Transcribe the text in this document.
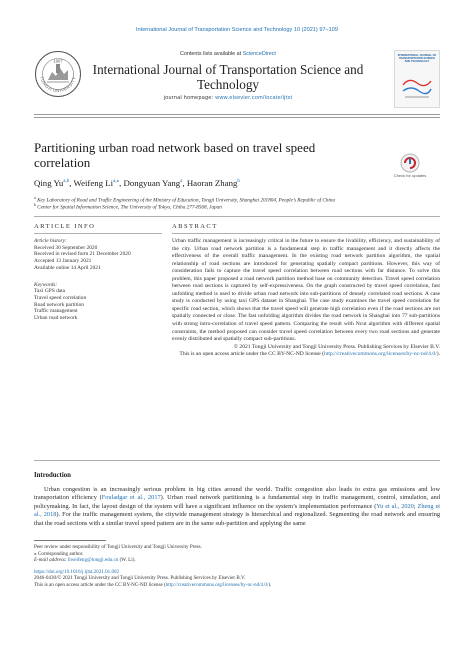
International Journal of Transportation Science and Technology 10 (2021) 97–109
TONGJI UNIVERSITY
1907
Contents lists available at ScienceDirect
International Journal of Transportation Science and Technology
journal homepage: www.elsevier.com/locate/ijtst
INTERNATIONAL JOURNAL OF TRANSPORTATION SCIENCE AND TECHNOLOGY
Partitioning urban road network based on travel speed correlation
Check for updates
Qing Yu$^{a,b}$, Weifeng $Li^{a,⁎}$, Dongyuan Yang$^a$, Haoran Zhang$^b$
$^a$ Key Laboratory of Road and Traffic Engineering of the Ministry of Education, Tongji University, Shanghai 201804, People’s Republic of China
$^b$ Center for Spatial Information Science, The University of Tokyo, Chiba 277-8568, Japan
ARTICLE INFO	ABSTRACT
Article history:
Received 30 September 2020
Received in revised form 21 December 2020
Accepted 13 January 2021
Available online 14 April 2021
Keywords:
Taxi GPS data
Travel speed correlation
Road network partition
Traffic management
Urban road network
Urban traffic management is increasingly critical in the future to ensure the livability, efficiency, and sustainability of the city. Urban road network partition is a fundamental step in traffic management and it directly affects the effectiveness of the overall traffic management. In the existing road network partition algorithm, the spatial relationship of road sections are introduced for generating spatially compact partitions. However, this way of consideration fails to capture the travel speed correlation between road sections with far distance. To solve this problem, this paper proposed a road network partition method base on community detection. Travel speed correlation between road sections is captured by self-expressiveness. On the graph constructed by travel speed correlation, fast unfolding method is used to divide urban road network into sub-partitions of densely correlated road sections. A case study is conducted by using taxi GPS dataset in Shanghai. The case study examines the travel speed correlation for specific road section, which shows that the travel speed will generate high correlation even if the road sections are not spatially connected or close. The fast unfolding algorithm divides the road network in Shanghai into 77 sub-partitions with strong intro-correlation of travel speed pattern. Comparing the result with Ncut algorithm with different spatial constraints, the method proposed can consider travel speed correlation between every two road sections and generate evenly distributed and spatially compact sub-partitions.
© 2021 Tongji University and Tongji University Press. Publishing Services by Elsevier B.V.
This is an open access article under the CC BY-NC-ND license (http://creativecommons.org/licenses/by-nc-nd/4.0/).
Introduction
Urban congestion is an increasingly serious problem in big cities around the world. Traffic congestion also leads to extra gas emissions and low transportation efficiency (Fouladgar et al., 2017). Urban road network partitioning is a fundamental step in traffic management, control, simulation, and policymaking. In fact, the layout design of the system will have a significant influence on the system’s implementation performance (Yu et al., 2020; Zheng et al., 2018). For the traffic management system, the citywide management strategy is hierarchical and regionalized. Segmenting the road network and ensuring that the road sections with a similar travel speed pattern are in the same sub-partition and applying the same
Peer review under responsibility of Tongji University and Tongji University Press.
⁎ Corresponding author.
E-mail address: liweifeng@tongji.edu.cn (W. Li).
https://doi.org/10.1016/j.ijtst.2021.01.002
2046-0430/© 2021 Tongji University and Tongji University Press. Publishing Services by Elsevier B.V.
This is an open access article under the CC BY-NC-ND license (http://creativecommons.org/licenses/by-nc-nd/4.0/).
